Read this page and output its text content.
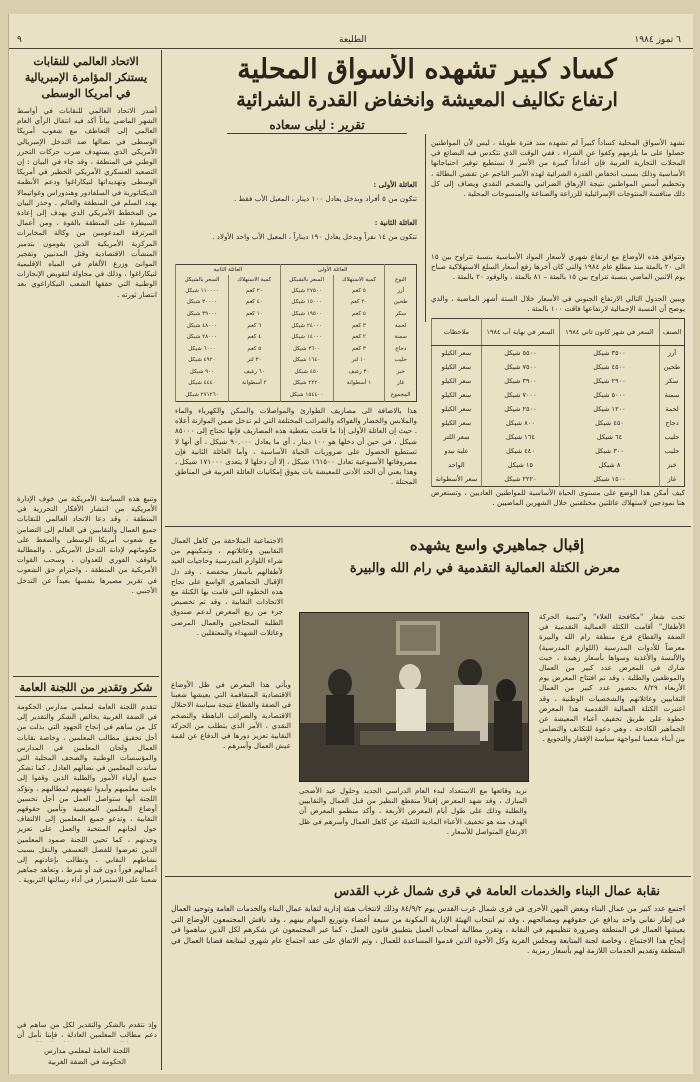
٩	الطليعة	٦ تموز ١٩٨٤
كساد كبير تشهده الأسواق المحلية
ارتفاع تكاليف المعيشة وانخفاض القدرة الشرائية
تقرير : ليلى سعاده
تشهد الأسواق المحلية كساداً كبيراً لم تشهده منذ فترة طويلة ، ليس لأن المواطنين حصلوا على ما يلزمهم وكفوا عن الشراء ، ففي الوقت الذي تتكدس فيه البضائع في المحلات التجارية العربية فإن أعداداً كبيرة من الأسر لا تستطيع توفير احتياجاتها الأساسية وذلك بسبب انخفاض القدرة الشرائية لهذه الأسر الناجم عن تفشي البطالة ، وتحطيم أسس المواطنين نتيجة الإرهاق الضرائبي والتضخم النقدي ويضاف إلى كل ذلك منافسة المنتوجات الإسرائيلية للزراعة والصناعة والمنسوجات المحلية .
وتتوافق هذه الأوضاع مع ارتفاع شهري لأسعار المواد الأساسية بنسبة تتراوح بين ١٥ الى ٢٠ بالمئة منذ مطلع عام ١٩٨٤ والتي كان آخرها رفع أسعار السلع الاستهلاكية صباح يوم الاثنين الماضي بنسبة تتراوح بين ١٥ بالمئة – ٨١ بالمئة ، والوقود ٢٠ بالمئة .
ويبين الجدول التالي الارتفاع الجنوني في الأسعار خلال الستة أشهر الماضية ، والذي يوضح أن النسبة الإجمالية لارتفاعها فاقت ١٠٠ بالمئة .
الصنف	السعر في شهر كانون ثاني ١٩٨٤	السعر في نهاية آب ١٩٨٤	ملاحظات
أرز	٣٥٠٠ شيكل	٥٥٠٠ شيكل	سعر الكيلو
طحين	٤٥٠٠ شيكل	٧٥٠٠ شيكل	سعر الكيلو
سكر	٢٩٠٠ شيكل	٣٩٠٠ شيكل	سعر الكيلو
سمنة	٥٠٠٠ شيكل	٧٠٠٠ شيكل	سعر الكيلو
لحمة	١٢٠٠ شيكل	٢٥٠٠ شيكل	سعر الكيلو
دجاج	٤٥٠ شيكل	٨٠٠ شيكل	سعر الكيلو
حليب	٦٤ شيكل	١٦٤ شيكل	سعر اللتر
حليب	٣٠٠ شيكل	٤٤٠ شيكل	علبة نيدو
خبز	٨ شيكل	١٥ شيكل	الواحد
غاز	١٥٠٠ شيكل	٢٢٢٠ شيكل	سعر الأسطوانة
العائلة الأولى :
تتكون من ٥ أفراد وبدخل يعادل ١٠٠ دينار ، المعيل الأب فقط .
العائلة الثانية :
تتكون من ١٤ نفراً وبدخل يعادل ١٩٠ ديناراً ، المعيل الأب واحد الأولاد .
	العائلة الأولى		العائلة الثانية	
النوع	كمية الاستهلاك	السعر بالشيكل	كمية الاستهلاك	السعر بالشيكل
أرز	٥ كغم	٢٧٥٠٠ شيكل	٢٠ كغم	١١٠٠٠٠ شيكل
طحين	٢٠ كغم	١٥٠٠٠ شيكل	٤٠ كغم	٣٠٠٠٠ شيكل
سكر	٥ كغم	١٩٥٠٠ شيكل	١٠ كغم	٣٩٠٠٠ شيكل
لحمة	٣ كغم	٢٤٠٠٠ شيكل	٦ كغم	٤٨٠٠٠ شيكل
سمنة	٢ كغم	١٤٠٠٠ شيكل	٤ كغم	٢٨٠٠٠ شيكل
دجاج	٣ كغم	٣٦٠٠ شيكل	٥ كغم	٦٠٠٠ شيكل
حليب	١٠ لتر	١٦٤٠ شيكل	٣٠ لتر	٤٩٢٠ شيكل
خبز	٣٠ رغيف	٤٥٠ شيكل	٦٠ رغيف	٩٠٠ شيكل
غاز	١ أسطوانة	٢٢٢٠ شيكل	٢ أسطوانة	٤٤٤٠ شيكل
المجموع		١٥٤٤٠٠ شيكل		٢٧١٢٦٠ شيكل
هذا بالاضافة الى مصاريف الطوارئ والمواصلات والسكن والكهرباء والماء والملابس والخضار والفواكه والضرائب المختلفة التي لم تدخل ضمن الموازنة أعلاه . حيث إن العائلة الأولى إذا ما قامت بتغطية هذه المصاريف فإنها تحتاج إلى ٨٥٠٠٠ شيكل ، في حين أن دخلها هو ١٠٠ دينار ، أي ما يعادل ٩٠,٠٠٠ شيكل ، أي أنها لا تستطيع الحصول على ضروريات الحياة الأساسية ، وأما العائلة الثانية فإن مصروفاتها الأسبوعية تعادل ١٦١٥٠٠ شيكل ، إلا أن دخلها لا يتعدى ١٧١٠٠٠ شيكل ، وهذا يعني أن الحد الأدنى للمعيشة بات يفوق إمكانيات العائلة العربية في المناطق المحتلة .
كيف أمكن هذا الوضع على مستوى الحياة الأساسية للمواطنين العاديين ، وتستعرض هنا نموذجين لاستهلاك عائلتين مختلفتين خلال الشهرين الماضيين .
إقبال جماهيري واسع يشهده
معرض الكتلة العمالية التقدمية في رام الله والبيرة
تحت شعار "مكافحة الغلاء" و"تنمية الحركة الأطفال" أقامت الكتلة العمالية التقدمية في الضفة والقطاع فرع منطقة رام الله والبيرة معرضاً للأدوات المدرسية (اللوازم المدرسية) والألبسة والأغذية وسواها بأسعار زهيدة ، حيث شارك في المعرض عدد كبير من العمال والموظفين والطلبة ، وقد تم افتتاح المعرض يوم الأربعاء ٨/٢٩ بحضور عدد كبير من العمال النقابيين وعائلاتهم والشخصيات الوطنية ، وقد اعتبرت الكتلة العمالية التقدمية هذا المعرض خطوة على طريق تخفيف أعباء المعيشة عن الجماهير الكادحة ، وهي دعوة للتكاتف والتضامن بين أبناء شعبنا لمواجهة سياسة الإفقار والتجويع .
الاجتماعية المتلاحقة من كاهل العمال النقابيين وعائلاتهم ، وتمكينهم من شراء اللوازم المدرسية وحاجيات العيد لأطفالهم بأسعار مخفضة . وقد دل الإقبال الجماهيري الواسع على نجاح هذه الخطوة التي قامت بها الكتلة مع الاتحادات النقابية ، وقد تم تخصيص جزء من ريع المعرض لدعم صندوق الطلبة المحتاجين والعمال المرضى وعائلات الشهداء والمعتقلين .
ويأتي هذا المعرض في ظل الأوضاع الاقتصادية المتفاقمة التي يعيشها شعبنا في الضفة والقطاع نتيجة سياسة الاحتلال الاقتصادية والضرائب الباهظة والتضخم النقدي ، الأمر الذي يتطلب من الحركة النقابية تعزيز دورها في الدفاع عن لقمة عيش العمال وأسرهم .
نزيد وقائعها مع الاستعداد لبدء العام الدراسي الجديد وحلول عيد الأضحى المبارك ، وقد شهد المعرض إقبالاً منقطع النظير من قبل العمال والنقابيين والطلبة وذلك على طول أيام المعرض الأربعة ، وأكد منظمو المعرض أن الهدف منه هو تخفيف الأعباء المادية الثقيلة عن كاهل العمال وأسرهم في ظل الارتفاع المتواصل للأسعار .
نقابة عمال البناء والخدمات العامة في قرى شمال غرب القدس
اجتمع عدد كبير من عمال البناء وبعض المهن الأخرى في قرى شمال غرب القدس يوم ٨٤/٩/٢ وذلك لانتخاب هيئة إدارية لنقابة عمال البناء والخدمات العامة وتوحيد العمال في إطار نقابي واحد يدافع عن حقوقهم ومصالحهم ، وقد تم انتخاب الهيئة الإدارية المكونة من سبعة أعضاء وتوزيع المهام بينهم ، وقد ناقش المجتمعون الأوضاع التي يعيشها العمال في المنطقة وضرورة تنظيمهم في النقابة ، وتقرر مطالبة أصحاب العمل بتطبيق قانون العمل ، كما عبر المجتمعون عن شكرهم لكل الذين ساهموا في إنجاح هذا الاجتماع ، وخاصة لجنة المتابعة ومجلس القرية وكل الأخوة الذين قدموا المساعدة للعمال ، وتم الاتفاق على عقد اجتماع عام شهري لمتابعة قضايا العمال في المنطقة وتقديم الخدمات اللازمة لهم بأسعار رمزية .
الاتحاد العالمي للنقابات
يستنكر المؤامرة الإمبريالية
في أمريكا الوسطى
أصدر الاتحاد العالمي للنقابات في أواسط الشهر الماضي بياناً أكد فيه انتقال الرأي العام العالمي إلى التعاطف مع شعوب أمريكا الوسطى في نضالها ضد التدخل الإمبريالي الأمريكي الذي يستهدف ضرب حركات التحرر الوطني في المنطقة ، وقد جاء في البيان : إن التصعيد العسكري الأمريكي الخطير في أمريكا الوسطى وتهديداتها لنيكاراغوا ودعم الأنظمة الديكتاتورية في السلفادور وهندوراس وغواتيمالا يهدد السلم في المنطقة والعالم . وحذر البيان من المخطط الأمريكي الذي يهدف إلى إعادة السيطرة على المنطقة بالقوة ، ومن أعمال المرتزقة المدعومين من وكالة المخابرات المركزية الأمريكية الذين يقومون بتدمير المنشآت الاقتصادية وقتل المدنيين وتفجير الموانئ وزرع الألغام في المياه الإقليمية لنيكاراغوا ، وذلك في محاولة لتقويض الإنجازات الوطنية التي حققها الشعب النيكاراغوي بعد انتصار ثورته .
وتنبع هذه السياسة الأمريكية من خوف الإدارة الأمريكية من انتشار الأفكار التحررية في المنطقة ، وقد دعا الاتحاد العالمي للنقابات جميع العمال والنقابيين في العالم إلى التضامن مع شعوب أمريكا الوسطى والضغط على حكوماتهم لإدانة التدخل الأمريكي ، والمطالبة بالوقف الفوري للعدوان ، وسحب القوات الأمريكية من المنطقة ، واحترام حق الشعوب في تقرير مصيرها بنفسها بعيداً عن التدخل الأجنبي .
شكر وتقدير من اللجنة العامة
تتقدم اللجنة العامة لمعلمي مدارس الحكومة في الضفة الغربية بخالص الشكر والتقدير إلى كل من ساهم في إنجاح الجهود التي بذلت من أجل تحقيق مطالب المعلمين ، وخاصة نقابات العمال ولجان المعلمين في المدارس والمؤسسات الوطنية والصحف المحلية التي ساندت المعلمين في نضالهم العادل ، كما تشكر جميع أولياء الأمور والطلبة الذين وقفوا إلى جانب معلميهم وأبدوا تفهمهم لمطالبهم ، وتؤكد اللجنة أنها ستواصل العمل من أجل تحسين أوضاع المعلمين المعيشية وتأمين حقوقهم النقابية ، وتدعو جميع المعلمين إلى الالتفاف حول لجانهم المنتخبة والعمل على تعزيز وحدتهم ، كما تحيي اللجنة صمود المعلمين الذين تعرضوا للفصل التعسفي والنقل بسبب نشاطهم النقابي ، وتطالب بإعادتهم إلى أعمالهم فوراً دون قيد أو شرط ، وتعاهد جماهير شعبنا على الاستمرار في أداء رسالتها التربوية .
وإذ نتقدم بالشكر والتقدير لكل من ساهم في دعم مطالب المعلمين العادلة ، فإننا نأمل أن
اللجنة العامة لمعلمي مدارس
الحكومة في الضفة الغربية
